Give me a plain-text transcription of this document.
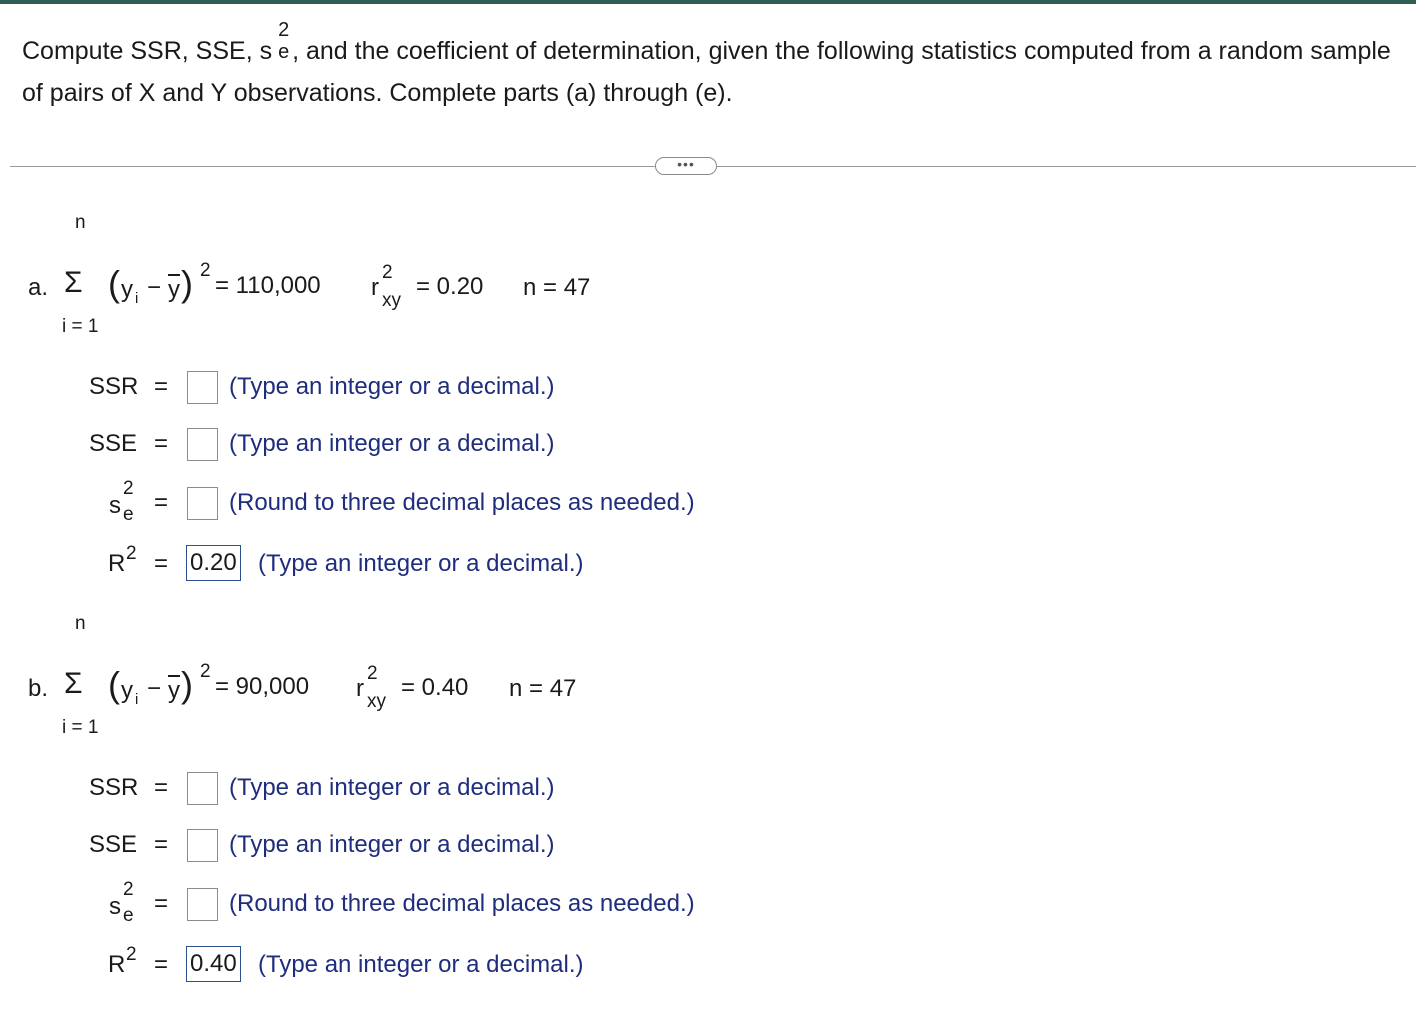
Compute SSR, SSE, s
2
e , and the coefficient of determination, given the following statistics computed from a random sample of pairs of X and Y observations. Complete parts (a) through (e).
•••
a.
n
Σ
i = 1
( y $i - \overline{y}$ ) 2
= 110,000 r
2
xy
= 0.20 n = 47
SSR =	(Type an integer or a decimal.)
SSE =	(Type an integer or a decimal.)
s
2
e =	(Round to three decimal places as needed.)
R 2 = 0.20 (Type an integer or a decimal.)
b.
n
Σ
i = 1
( y $i - \overline{y}$ ) 2
= 90,000 r
2
xy
= 0.40 n = 47
SSR =	(Type an integer or a decimal.)
SSE =	(Type an integer or a decimal.)
s
2
e =	(Round to three decimal places as needed.)
R 2 = 0.40 (Type an integer or a decimal.)
